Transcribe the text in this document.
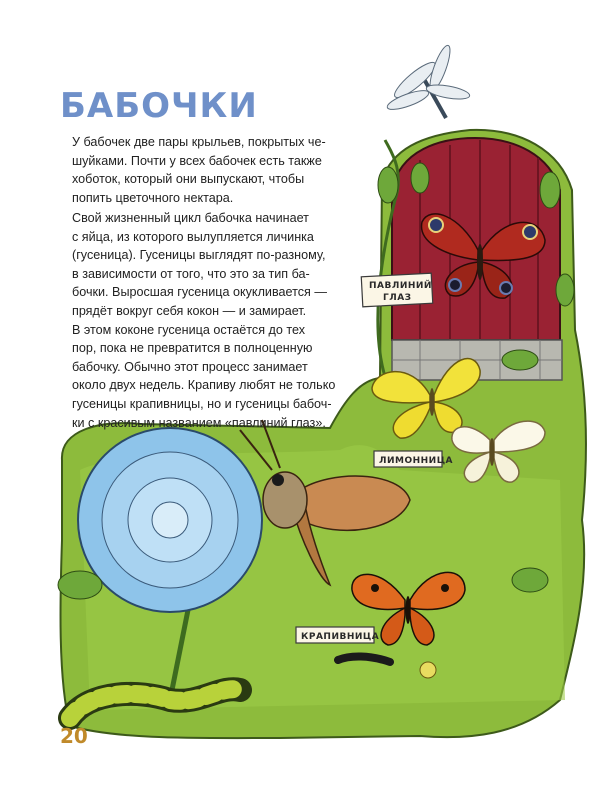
ПАВЛИНИЙ
ГЛАЗ
ЛИМОННИЦА
КРАПИВНИЦА
БАБОЧКИ
У бабочек две пары крыльев, покрытых че-
шуйками. Почти у всех бабочек есть также
хоботок, который они выпускают, чтобы
попить цветочного нектара.
Свой жизненный цикл бабочка начинает
с яйца, из которого вылупляется личинка
(гусеница). Гусеницы выглядят по-разному,
в зависимости от того, что это за тип ба-
бочки. Выросшая гусеница окукливается —
прядёт вокруг себя кокон — и замирает.
В этом коконе гусеница остаётся до тех
пор, пока не превратится в полноценную
бабочку. Обычно этот процесс занимает
около двух недель. Крапиву любят не только
гусеницы крапивницы, но и гусеницы бабоч-
ки с красивым названием «павлиний глаз».
20
